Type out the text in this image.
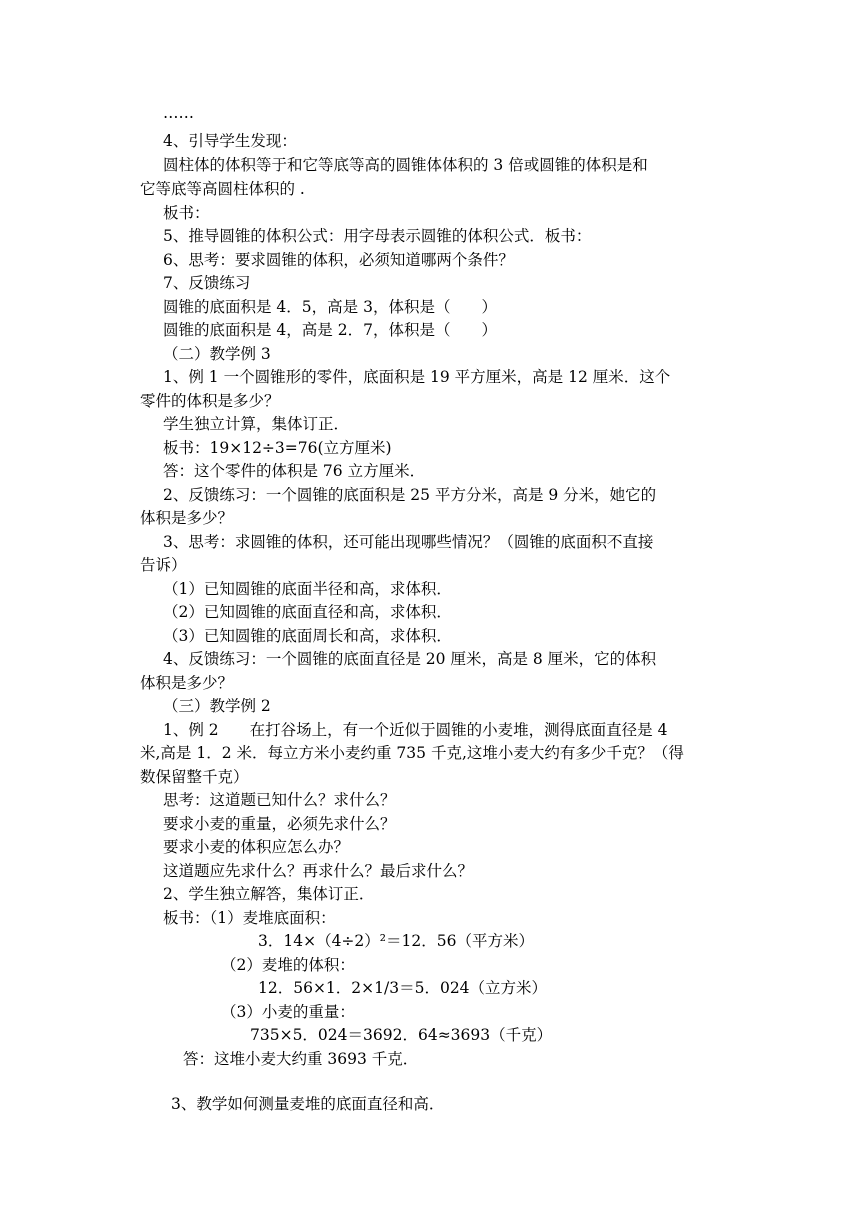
……
4、引导学生发现：
圆柱体的体积等于和它等底等高的圆锥体体积的 3 倍或圆锥的体积是和
它等底等高圆柱体积的 .
板书：
5、推导圆锥的体积公式：用字母表示圆锥的体积公式．板书：
6、思考：要求圆锥的体积，必须知道哪两个条件？
7、反馈练习
圆锥的底面积是 4．5，高是 3，体积是（　　）
圆锥的底面积是 4，高是 2．7，体积是（　　）
（二）教学例 3
1、例 1 一个圆锥形的零件，底面积是 19 平方厘米，高是 12 厘米．这个
零件的体积是多少？
学生独立计算，集体订正．
板书：19×12÷3=76(立方厘米)
答：这个零件的体积是 76 立方厘米．
2、反馈练习：一个圆锥的底面积是 25 平方分米，高是 9 分米，她它的
体积是多少？
3、思考：求圆锥的体积，还可能出现哪些情况？（圆锥的底面积不直接
告诉）
（1）已知圆锥的底面半径和高，求体积．
（2）已知圆锥的底面直径和高，求体积．
（3）已知圆锥的底面周长和高，求体积．
4、反馈练习：一个圆锥的底面直径是 20 厘米，高是 8 厘米，它的体积
体积是多少？
（三）教学例 2
1、例 2　　在打谷场上，有一个近似于圆锥的小麦堆，测得底面直径是 4
米,高是 1．2 米．每立方米小麦约重 735 千克,这堆小麦大约有多少千克？（得
数保留整千克）
思考：这道题已知什么？求什么？
要求小麦的重量，必须先求什么？
要求小麦的体积应怎么办？
这道题应先求什么？再求什么？最后求什么？
2、学生独立解答，集体订正．
板书：（1）麦堆底面积：
3．14×（4÷2）²＝12．56（平方米）
（2）麦堆的体积：
12．56×1．2×1/3＝5．024（立方米）
（3）小麦的重量：
735×5．024＝3692．64≈3693（千克）
答：这堆小麦大约重 3693 千克．
3、教学如何测量麦堆的底面直径和高．
